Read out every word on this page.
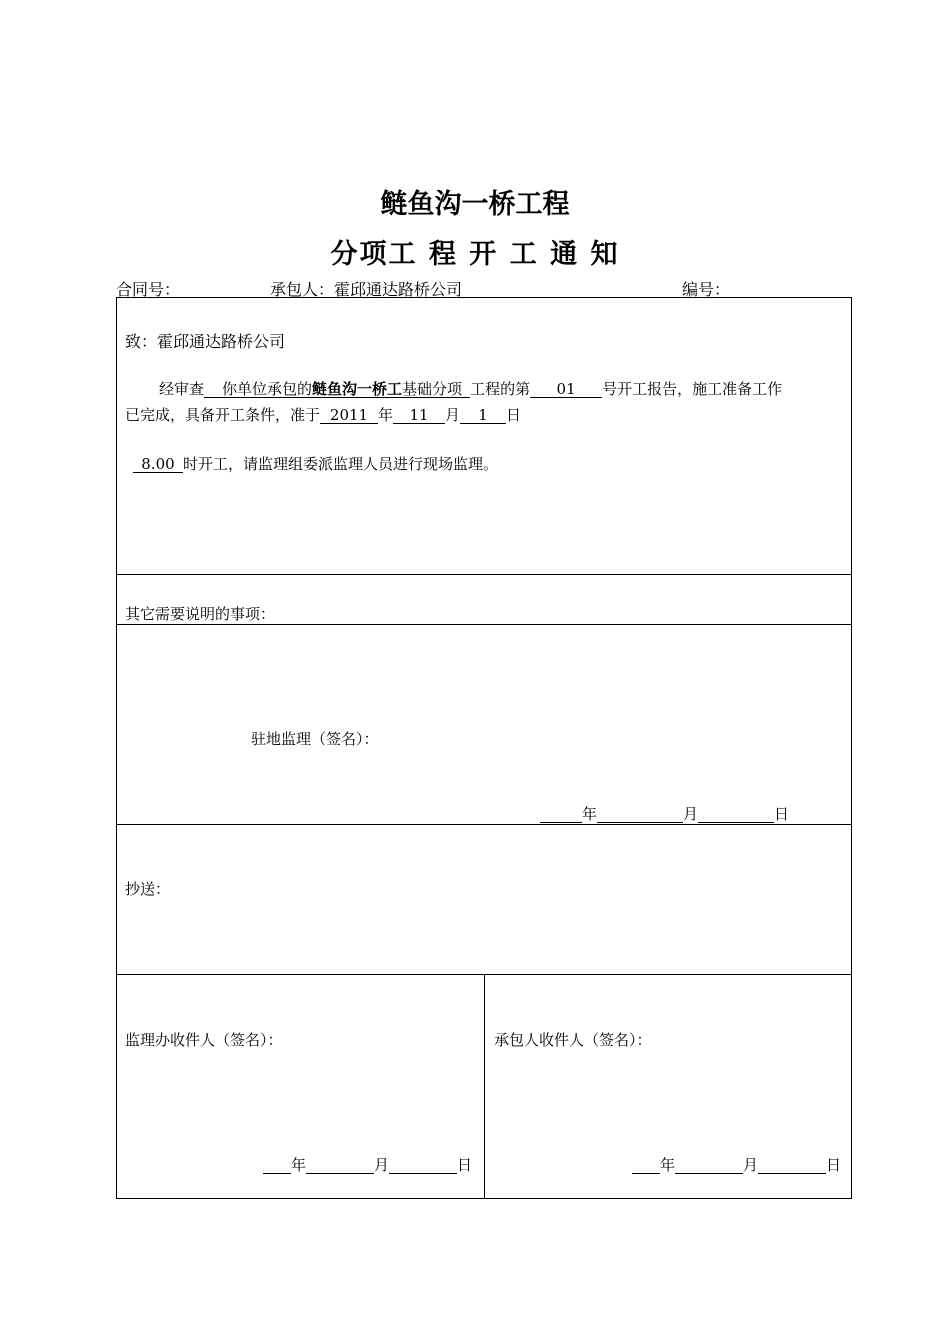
鲢鱼沟一桥工程
分项工 程 开 工 通 知
合同号：	承包人：霍邱通达路桥公司	编号：
致：霍邱通达路桥公司
经审查 你单位承包的鲢鱼沟一桥工基础分项 工程的第 01 号开工报告，施工准备工作
已完成，具备开工条件，准于 2011 年 11 月 1 日
8.00 时开工，请监理组委派监理人员进行现场监理。
其它需要说明的事项：
驻地监理（签名）：
年	月	日
抄送：
监理办收件人（签名）：
年	月	日
承包人收件人（签名）：
年	月	日
